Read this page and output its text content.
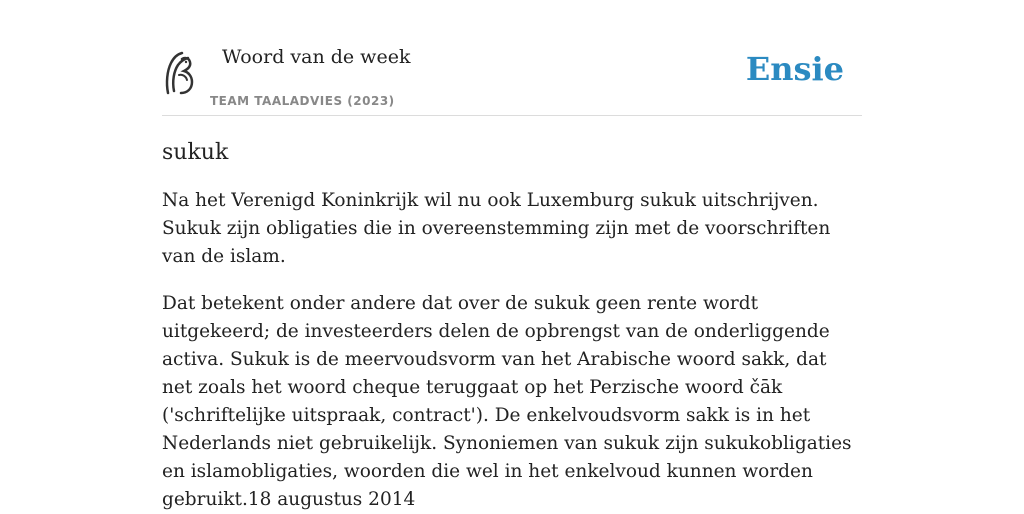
Woord van de week
TEAM TAALADVIES (2023)
Ensie
sukuk

Na het Verenigd Koninkrijk wil nu ook Luxemburg sukuk uitschrijven. Sukuk zijn obligaties die in overeenstemming zijn met de voorschriften van de islam.

Dat betekent onder andere dat over de sukuk geen rente wordt uitgekeerd; de investeerders delen de opbrengst van de onderliggende activa. Sukuk is de meervoudsvorm van het Arabische woord sakk, dat net zoals het woord cheque teruggaat op het Perzische woord čāk ('schriftelijke uitspraak, contract'). De enkelvoudsvorm sakk is in het Nederlands niet gebruikelijk. Synoniemen van sukuk zijn sukukobligaties en islamobligaties, woorden die wel in het enkelvoud kunnen worden gebruikt.18 augustus 2014
